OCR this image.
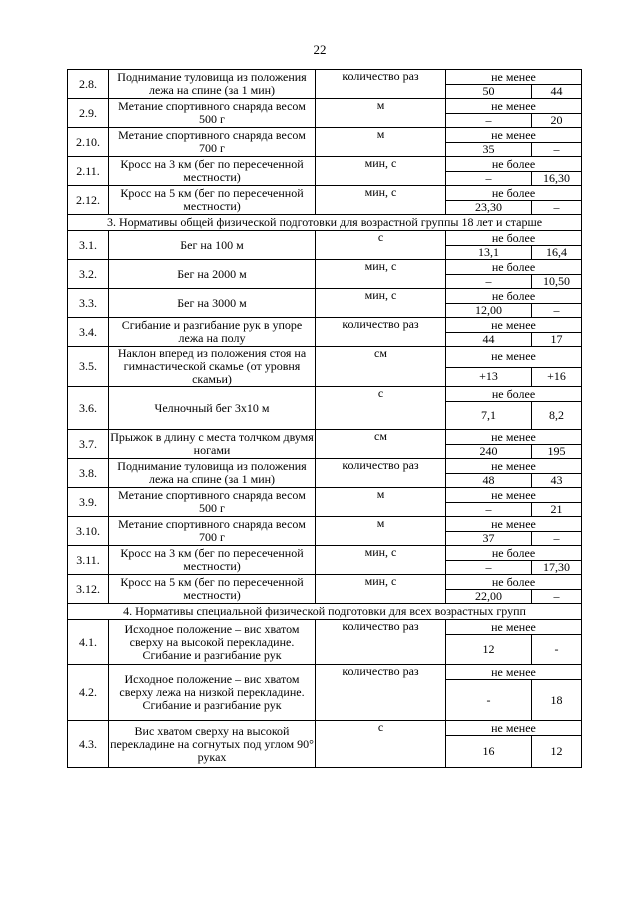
22
2.8.	Поднимание туловища из положения лежа на спине (за 1 мин)	количество раз	не менее	
			50	44
2.9.	Метание спортивного снаряда весом 500 г	м	не менее	
			–	20
2.10.	Метание спортивного снаряда весом 700 г	м	не менее	
			35	–
2.11.	Кросс на 3 км (бег по пересеченной местности)	мин, с	не более	
			–	16,30
2.12.	Кросс на 5 км (бег по пересеченной местности)	мин, с	не более	
			23,30	–
3. Нормативы общей физической подготовки для возрастной группы 18 лет и старше				
3.1.	Бег на 100 м	с	не более	
			13,1	16,4
3.2.	Бег на 2000 м	мин, с	не более	
			–	10,50
3.3.	Бег на 3000 м	мин, с	не более	
			12,00	–
3.4.	Сгибание и разгибание рук в упоре лежа на полу	количество раз	не менее	
			44	17
3.5.	Наклон вперед из положения стоя на гимнастической скамье (от уровня скамьи)	см	не менее	
			+13	+16
3.6.	Челночный бег 3x10 м	с	не более	
			7,1	8,2
3.7.	Прыжок в длину с места толчком двумя ногами	см	не менее	
			240	195
3.8.	Поднимание туловища из положения лежа на спине (за 1 мин)	количество раз	не менее	
			48	43
3.9.	Метание спортивного снаряда весом 500 г	м	не менее	
			–	21
3.10.	Метание спортивного снаряда весом 700 г	м	не менее	
			37	–
3.11.	Кросс на 3 км (бег по пересеченной местности)	мин, с	не более	
			–	17,30
3.12.	Кросс на 5 км (бег по пересеченной местности)	мин, с	не более	
			22,00	–
4. Нормативы специальной физической подготовки для всех возрастных групп				
4.1.	Исходное положение – вис хватом сверху на высокой перекладине. Сгибание и разгибание рук	количество раз	не менее	
			12	-
4.2.	Исходное положение – вис хватом сверху лежа на низкой перекладине. Сгибание и разгибание рук	количество раз	не менее	
			-	18
4.3.	Вис хватом сверху на высокой перекладине на согнутых под углом 90° руках	с	не менее	
			16	12
